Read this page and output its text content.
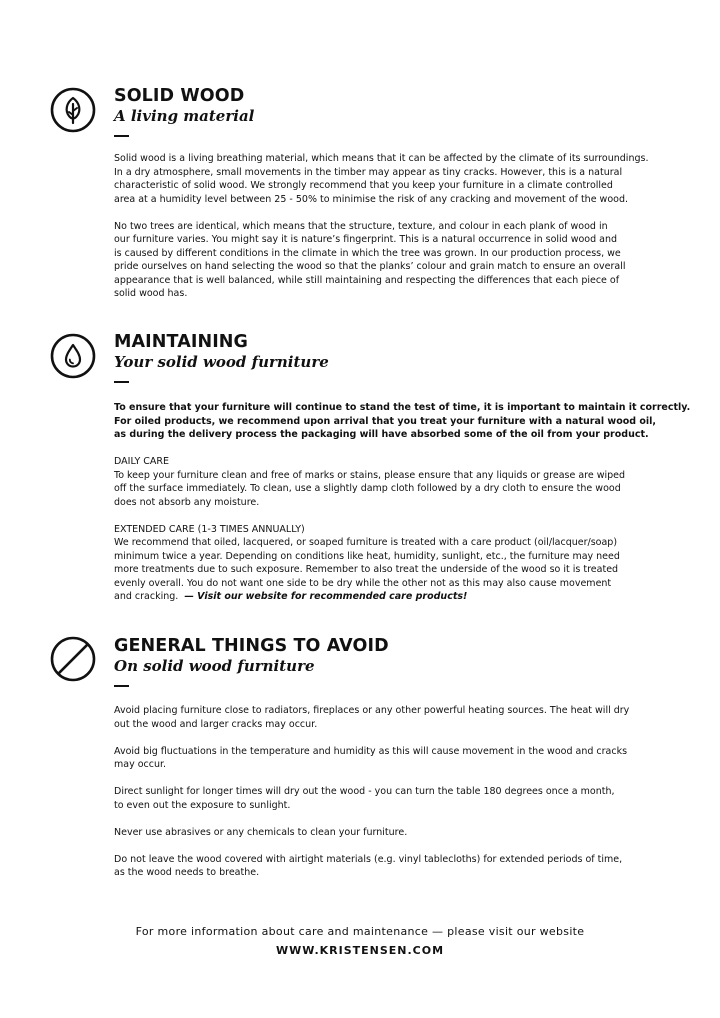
SOLID WOOD
A living material

Solid wood is a living breathing material, which means that it can be affected by the climate of its surroundings.

In a dry atmosphere, small movements in the timber may appear as tiny cracks. However, this is a natural

characteristic of solid wood. We strongly recommend that you keep your furniture in a climate controlled

area at a humidity level between 25 - 50% to minimise the risk of any cracking and movement of the wood.

No two trees are identical, which means that the structure, texture, and colour in each plank of wood in

our furniture varies. You might say it is nature’s fingerprint. This is a natural occurrence in solid wood and

is caused by different conditions in the climate in which the tree was grown. In our production process, we

pride ourselves on hand selecting the wood so that the planks’ colour and grain match to ensure an overall

appearance that is well balanced, while still maintaining and respecting the differences that each piece of

solid wood has.

MAINTAINING
Your solid wood furniture

To ensure that your furniture will continue to stand the test of time, it is important to maintain it correctly.

For oiled products, we recommend upon arrival that you treat your furniture with a natural wood oil,

as during the delivery process the packaging will have absorbed some of the oil from your product.

DAILY CARE

To keep your furniture clean and free of marks or stains, please ensure that any liquids or grease are wiped

off the surface immediately. To clean, use a slightly damp cloth followed by a dry cloth to ensure the wood

does not absorb any moisture.

EXTENDED CARE (1-3 TIMES ANNUALLY)

We recommend that oiled, lacquered, or soaped furniture is treated with a care product (oil/lacquer/soap)

minimum twice a year. Depending on conditions like heat, humidity, sunlight, etc., the furniture may need

more treatments due to such exposure. Remember to also treat the underside of the wood so it is treated

evenly overall. You do not want one side to be dry while the other not as this may also cause movement

and cracking. — Visit our website for recommended care products!

GENERAL THINGS TO AVOID
On solid wood furniture

Avoid placing furniture close to radiators, fireplaces or any other powerful heating sources. The heat will dry

out the wood and larger cracks may occur.

Avoid big fluctuations in the temperature and humidity as this will cause movement in the wood and cracks

may occur.

Direct sunlight for longer times will dry out the wood - you can turn the table 180 degrees once a month,

to even out the exposure to sunlight.

Never use abrasives or any chemicals to clean your furniture.

Do not leave the wood covered with airtight materials (e.g. vinyl tablecloths) for extended periods of time,

as the wood needs to breathe.

For more information about care and maintenance — please visit our website
WWW.KRISTENSEN.COM
